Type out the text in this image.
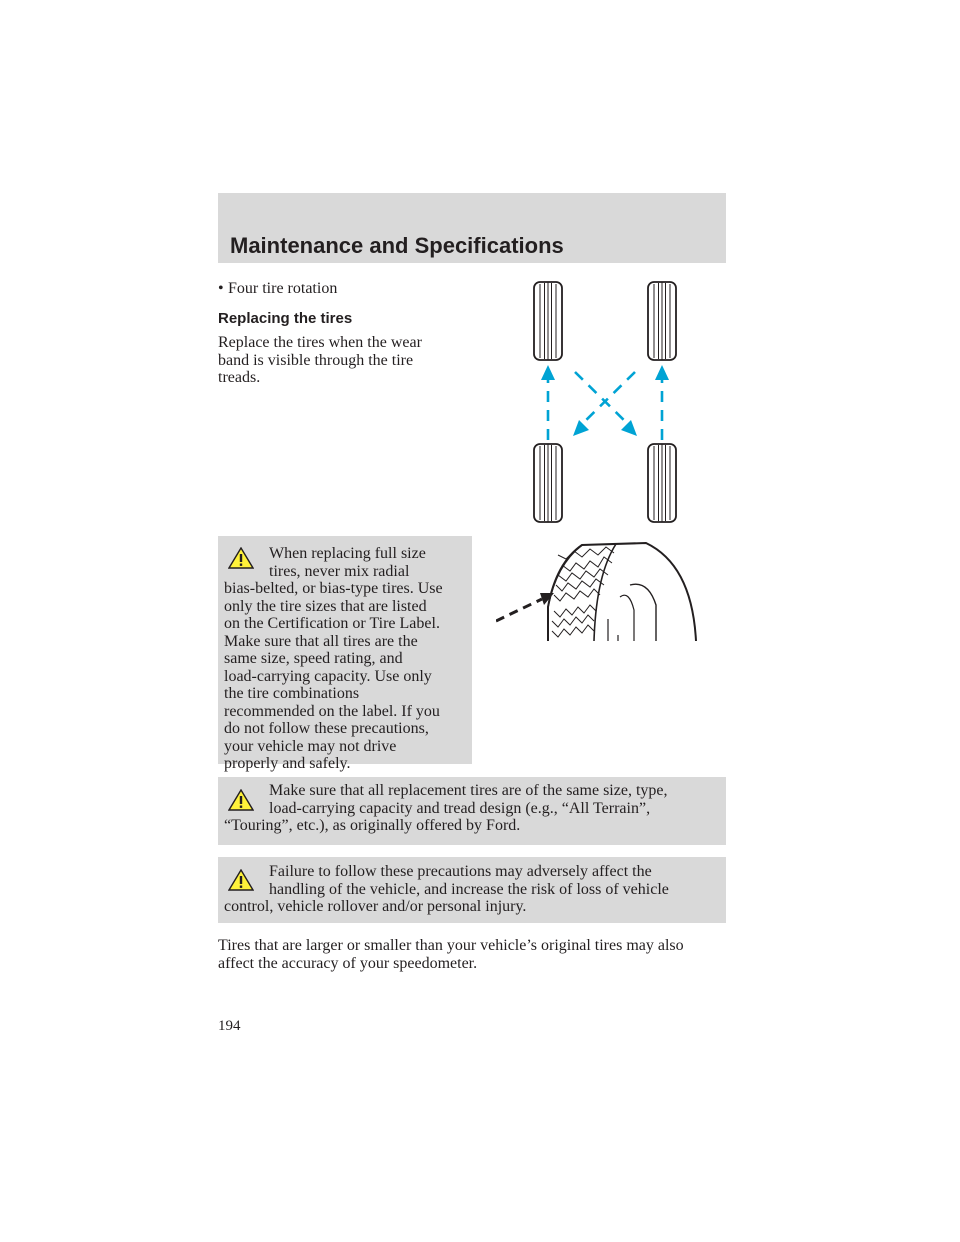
Maintenance and Specifications

• Four tire rotation

Replacing the tires

Replace the tires when the wear
band is visible through the tire
treads.

When replacing full size
tires, never mix radial

bias-belted, or bias-type tires. Use
only the tire sizes that are listed
on the Certification or Tire Label.
Make sure that all tires are the
same size, speed rating, and
load-carrying capacity. Use only
the tire combinations
recommended on the label. If you
do not follow these precautions,
your vehicle may not drive
properly and safely.

Make sure that all replacement tires are of the same size, type,
load-carrying capacity and tread design (e.g., “All Terrain”,

“Touring”, etc.), as originally offered by Ford.

Failure to follow these precautions may adversely affect the
handling of the vehicle, and increase the risk of loss of vehicle

control, vehicle rollover and/or personal injury.

Tires that are larger or smaller than your vehicle’s original tires may also
affect the accuracy of your speedometer.

194
